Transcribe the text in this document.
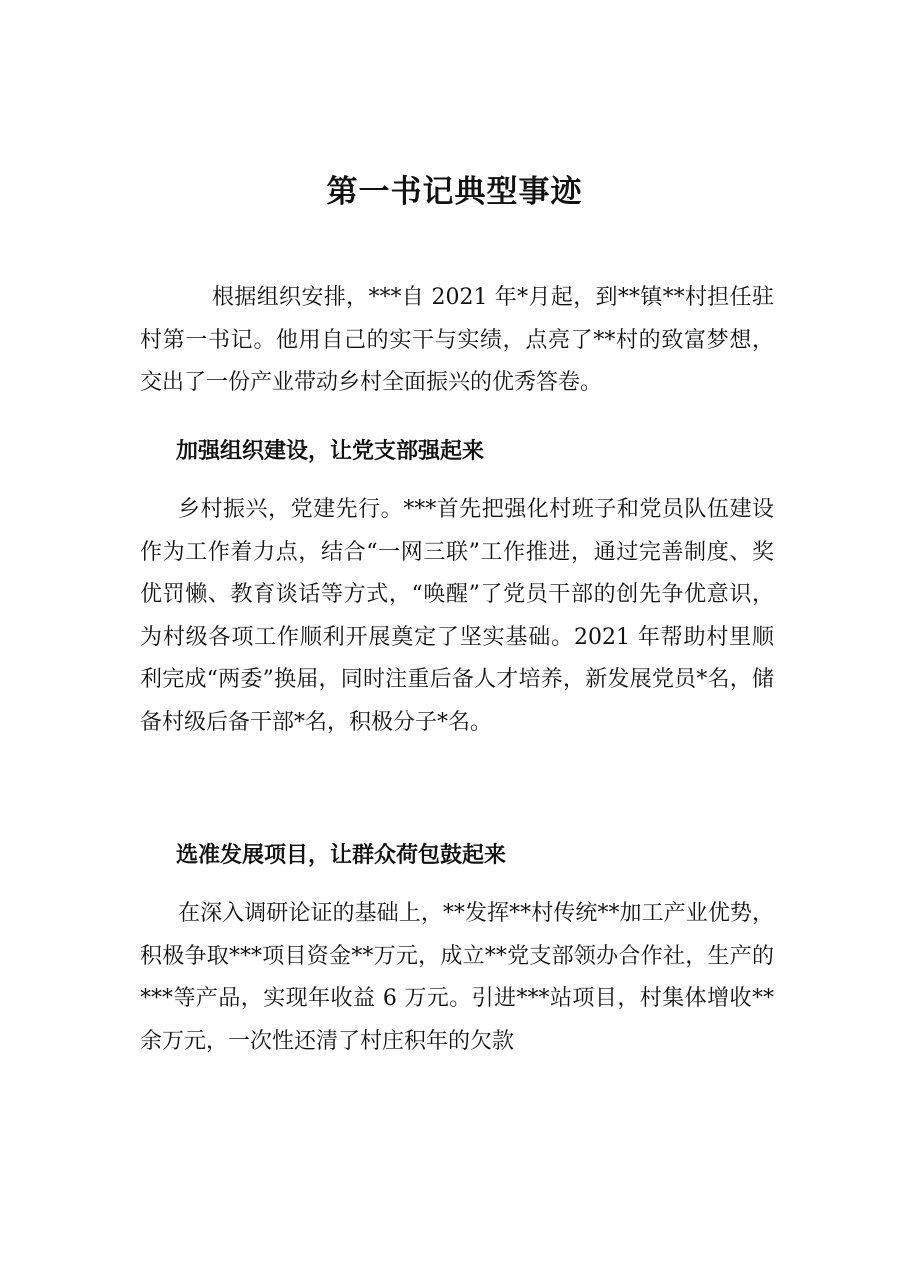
第一书记典型事迹

根据组织安排，***自 2021 年*月起，到**镇**村担任驻村第一书记。他用自己的实干与实绩，点亮了**村的致富梦想，交出了一份产业带动乡村全面振兴的优秀答卷。

加强组织建设，让党支部强起来

乡村振兴，党建先行。***首先把强化村班子和党员队伍建设作为工作着力点，结合“一网三联”工作推进，通过完善制度、奖优罚懒、教育谈话等方式，“唤醒”了党员干部的创先争优意识，为村级各项工作顺利开展奠定了坚实基础。2021 年帮助村里顺利完成“两委”换届，同时注重后备人才培养，新发展党员*名，储备村级后备干部*名，积极分子*名。

选准发展项目，让群众荷包鼓起来

在深入调研论证的基础上，**发挥**村传统**加工产业优势，积极争取***项目资金**万元，成立**党支部领办合作社，生产的***等产品，实现年收益 6 万元。引进***站项目，村集体增收**余万元，一次性还清了村庄积年的欠款
